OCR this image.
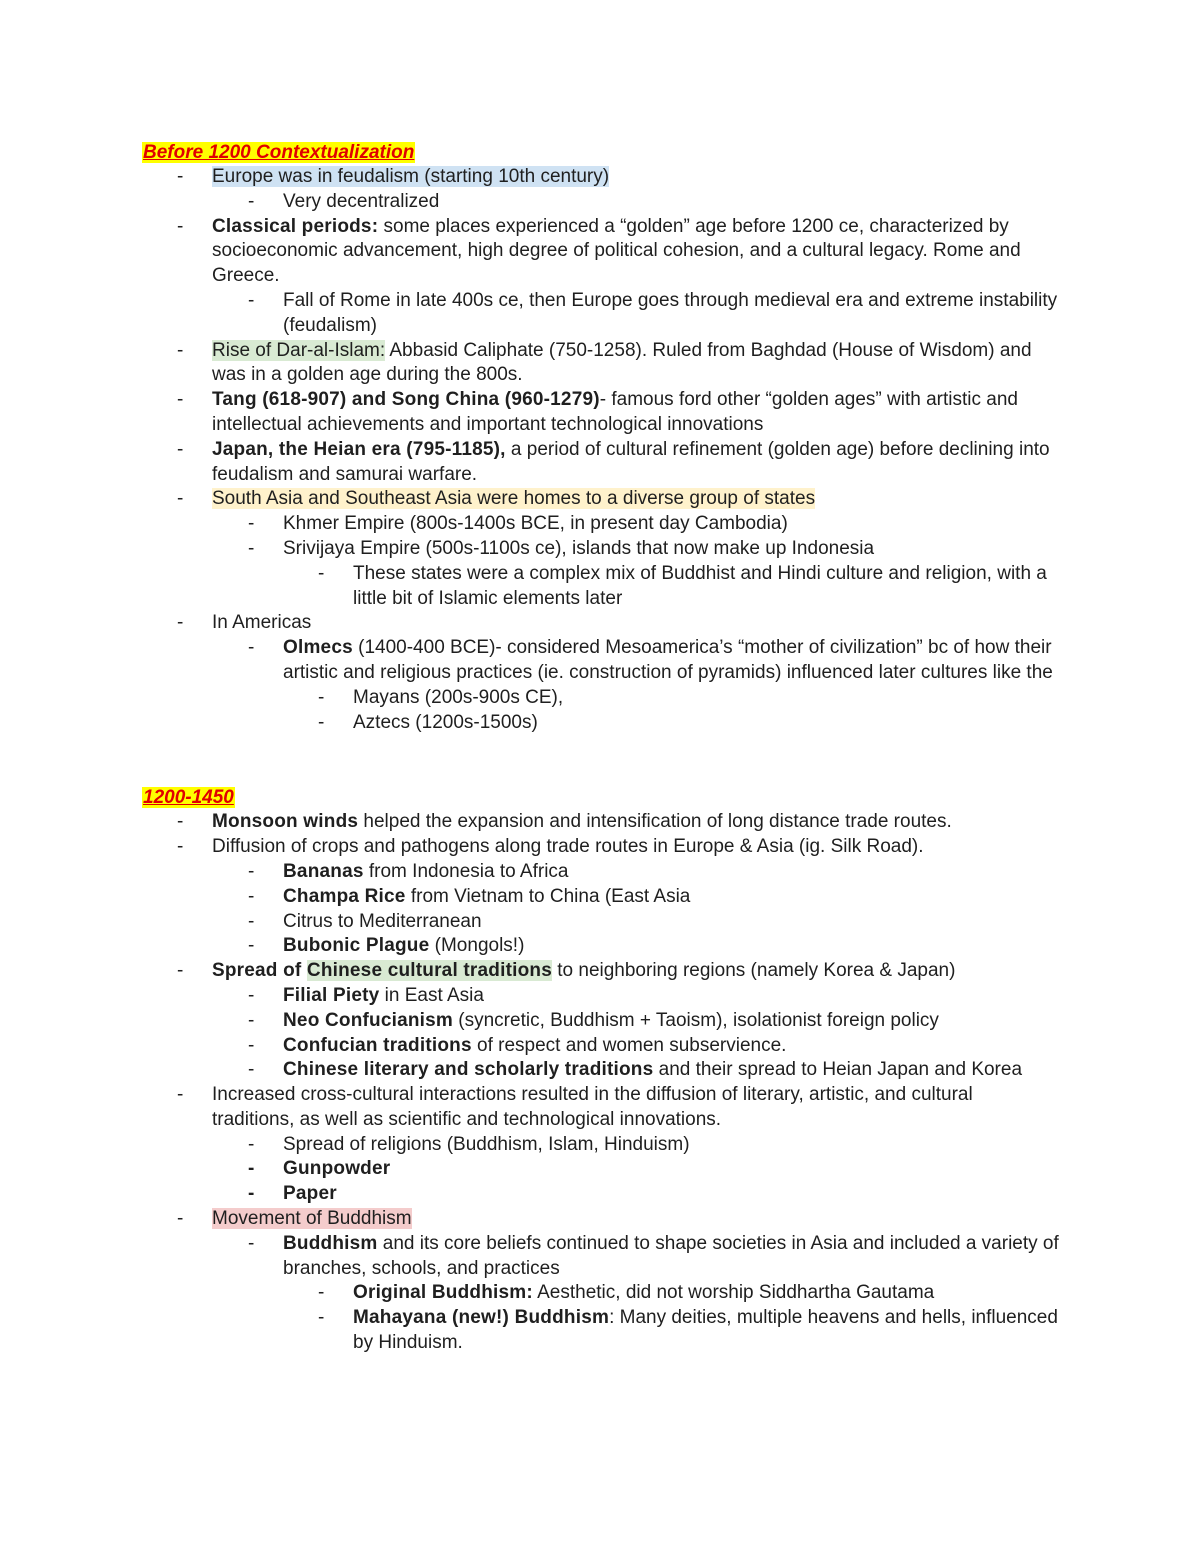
Before 1200 Contextualization
- Europe was in feudalism (starting 10th century)
- Very decentralized
- Classical periods: some places experienced a “golden” age before 1200 ce, characterized by socioeconomic advancement, high degree of political cohesion, and a cultural legacy. Rome and Greece.
- Fall of Rome in late 400s ce, then Europe goes through medieval era and extreme instability (feudalism)
- Rise of Dar-al-Islam: Abbasid Caliphate (750-1258). Ruled from Baghdad (House of Wisdom) and was in a golden age during the 800s.
- Tang (618-907) and Song China (960-1279)- famous ford other “golden ages” with artistic and intellectual achievements and important technological innovations
- Japan, the Heian era (795-1185), a period of cultural refinement (golden age) before declining into feudalism and samurai warfare.
- South Asia and Southeast Asia were homes to a diverse group of states
- Khmer Empire (800s-1400s BCE, in present day Cambodia)
- Srivijaya Empire (500s-1100s ce), islands that now make up Indonesia
- These states were a complex mix of Buddhist and Hindi culture and religion, with a little bit of Islamic elements later
- In Americas
- Olmecs (1400-400 BCE)- considered Mesoamerica’s “mother of civilization” bc of how their artistic and religious practices (ie. construction of pyramids) influenced later cultures like the
- Mayans (200s-900s CE),
- Aztecs (1200s-1500s)
1200-1450
- Monsoon winds helped the expansion and intensification of long distance trade routes.
- Diffusion of crops and pathogens along trade routes in Europe & Asia (ig. Silk Road).
- Bananas from Indonesia to Africa
- Champa Rice from Vietnam to China (East Asia
- Citrus to Mediterranean
- Bubonic Plague (Mongols!)
- Spread of Chinese cultural traditions to neighboring regions (namely Korea & Japan)
- Filial Piety in East Asia
- Neo Confucianism (syncretic, Buddhism + Taoism), isolationist foreign policy
- Confucian traditions of respect and women subservience.
- Chinese literary and scholarly traditions and their spread to Heian Japan and Korea
- Increased cross-cultural interactions resulted in the diffusion of literary, artistic, and cultural traditions, as well as scientific and technological innovations.
- Spread of religions (Buddhism, Islam, Hinduism)
- Gunpowder
- Paper
- Movement of Buddhism
- Buddhism and its core beliefs continued to shape societies in Asia and included a variety of branches, schools, and practices
- Original Buddhism: Aesthetic, did not worship Siddhartha Gautama
- Mahayana (new!) Buddhism: Many deities, multiple heavens and hells, influenced by Hinduism.
